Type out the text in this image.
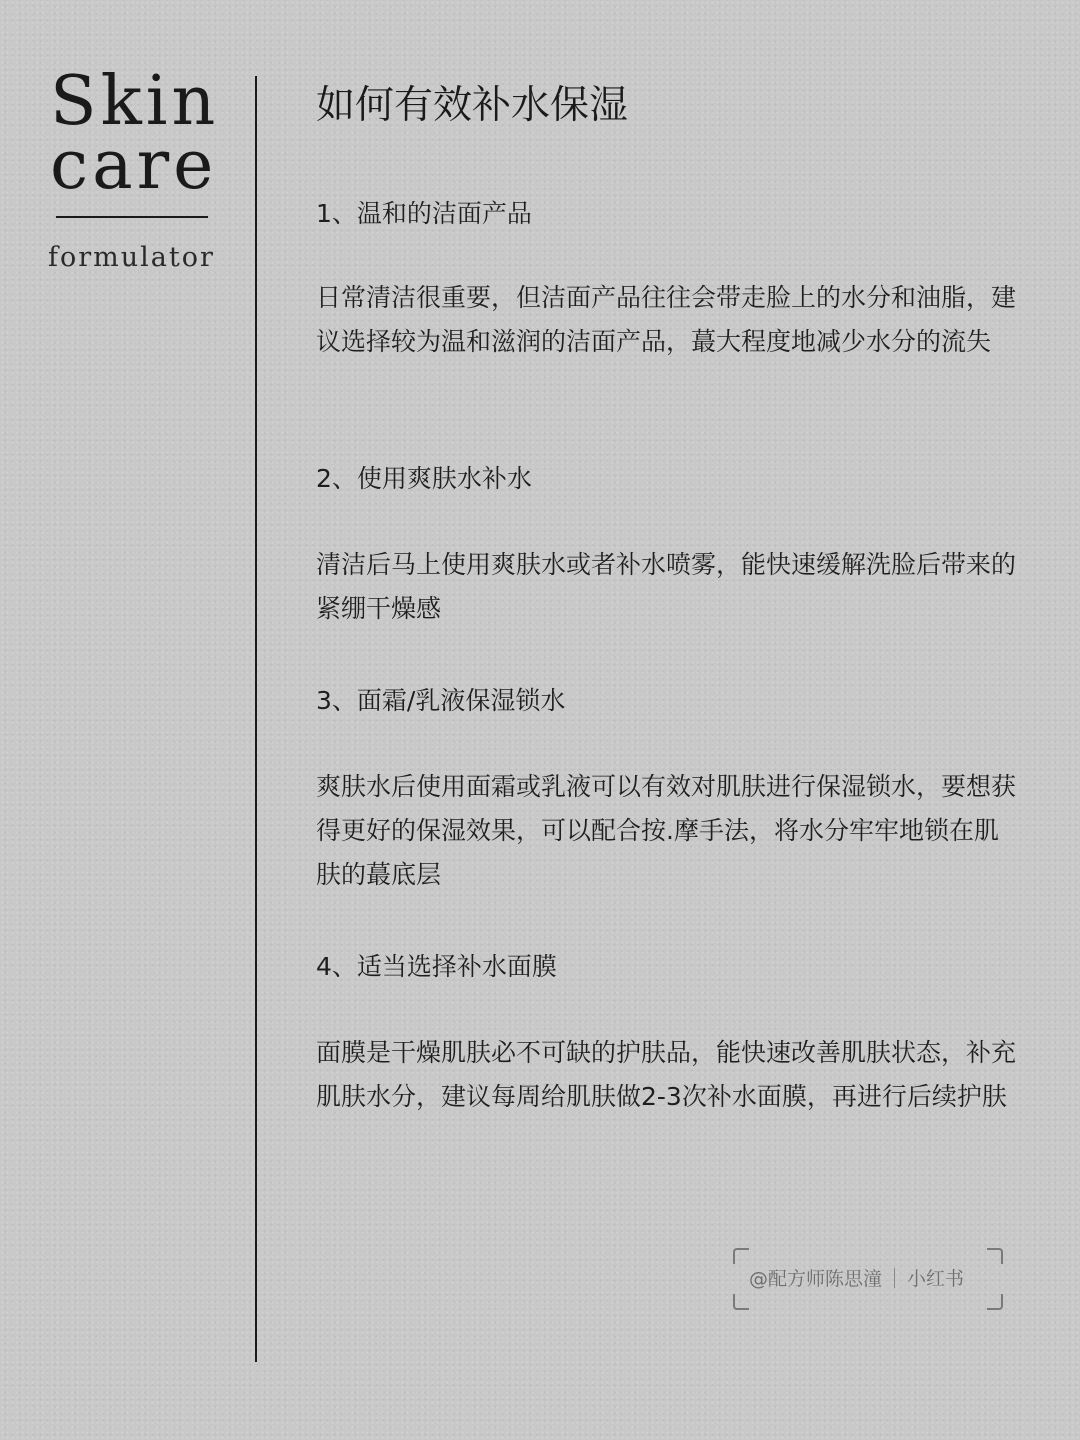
Skin
care
formulator
如何有效补水保湿

1、温和的洁面产品

日常清洁很重要，但洁面产品往往会带走脸上的水分和油脂，建议选择较为温和滋润的洁面产品，蕞大程度地减少水分的流失

2、使用爽肤水补水

清洁后马上使用爽肤水或者补水喷雾，能快速缓解洗脸后带来的紧绷干燥感

3、面霜/乳液保湿锁水

爽肤水后使用面霜或乳液可以有效对肌肤进行保湿锁水，要想获得更好的保湿效果，可以配合按.摩手法，将水分牢牢地锁在肌肤的蕞底层

4、适当选择补水面膜

面膜是干燥肌肤必不可缺的护肤品，能快速改善肌肤状态，补充肌肤水分，建议每周给肌肤做2-3次补水面膜，再进行后续护肤

@配方师陈思潼 小红书
